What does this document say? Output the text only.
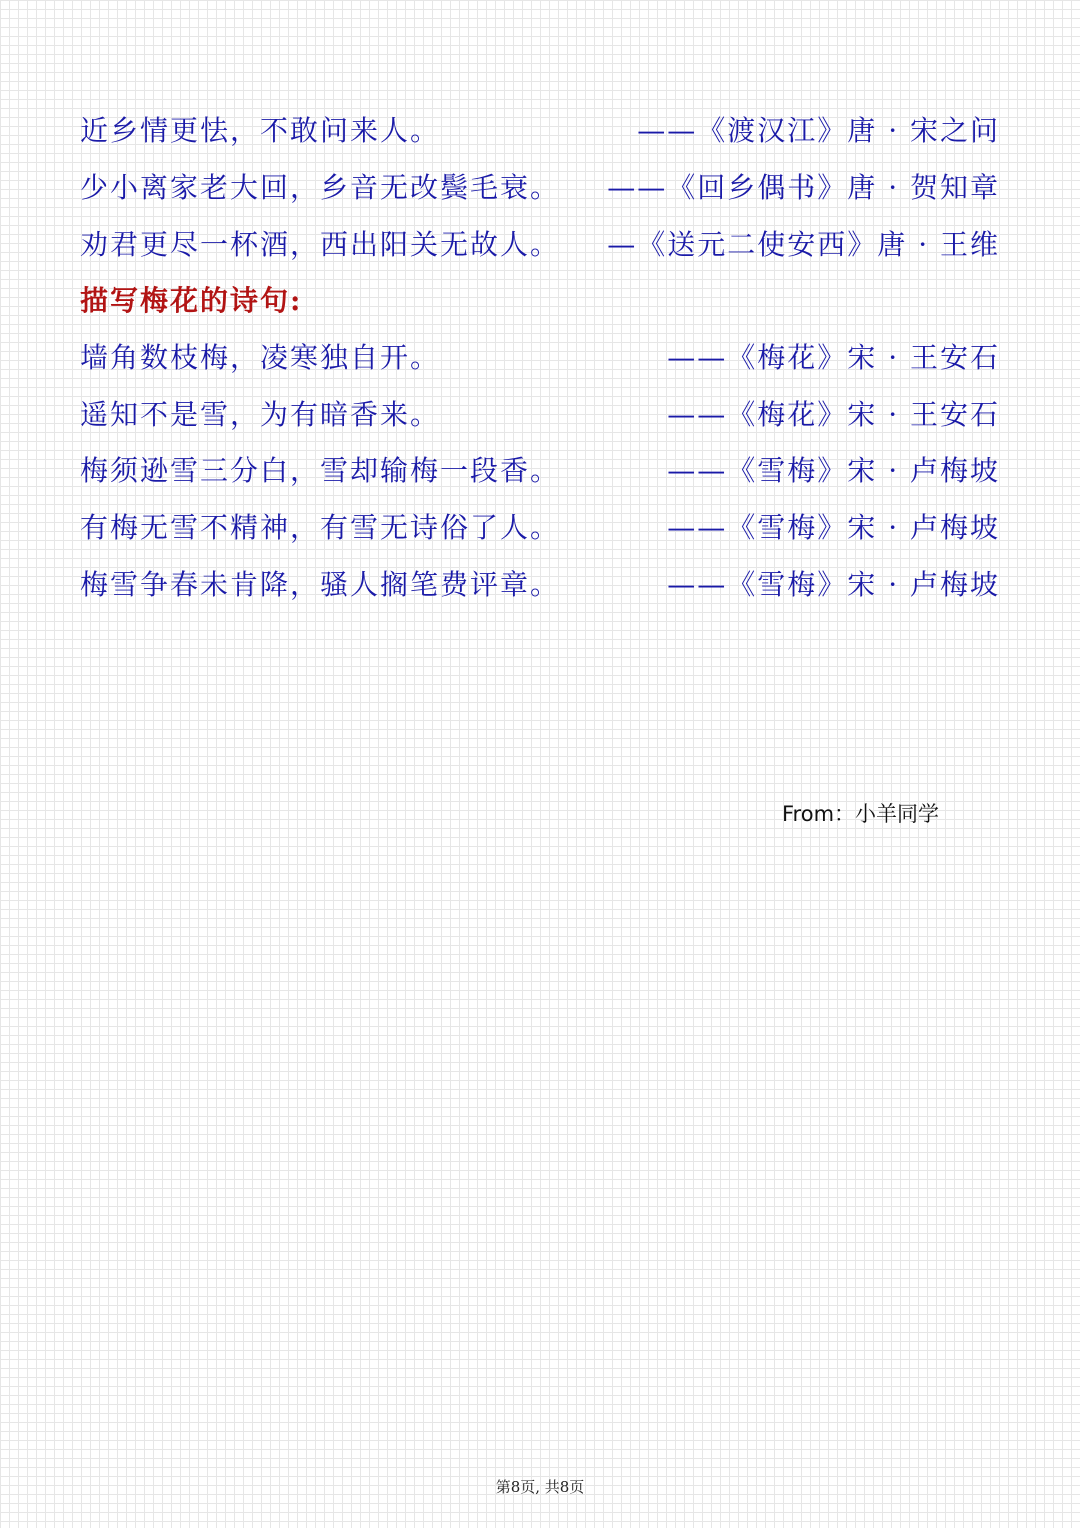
近乡情更怯，不敢问来人。	——《渡汉江》唐 · 宋之问
少小离家老大回，乡音无改鬓毛衰。 ——《回乡偶书》唐 · 贺知章
劝君更尽一杯酒，西出阳关无故人。 —《送元二使安西》唐 · 王维
描写梅花的诗句:
墙角数枝梅，凌寒独自开。	——《梅花》宋 · 王安石
遥知不是雪，为有暗香来。	——《梅花》宋 · 王安石
梅须逊雪三分白，雪却输梅一段香。	——《雪梅》宋 · 卢梅坡
有梅无雪不精神，有雪无诗俗了人。	——《雪梅》宋 · 卢梅坡
梅雪争春未肯降，骚人搁笔费评章。	——《雪梅》宋 · 卢梅坡
From：小羊同学
第8页, 共8页
